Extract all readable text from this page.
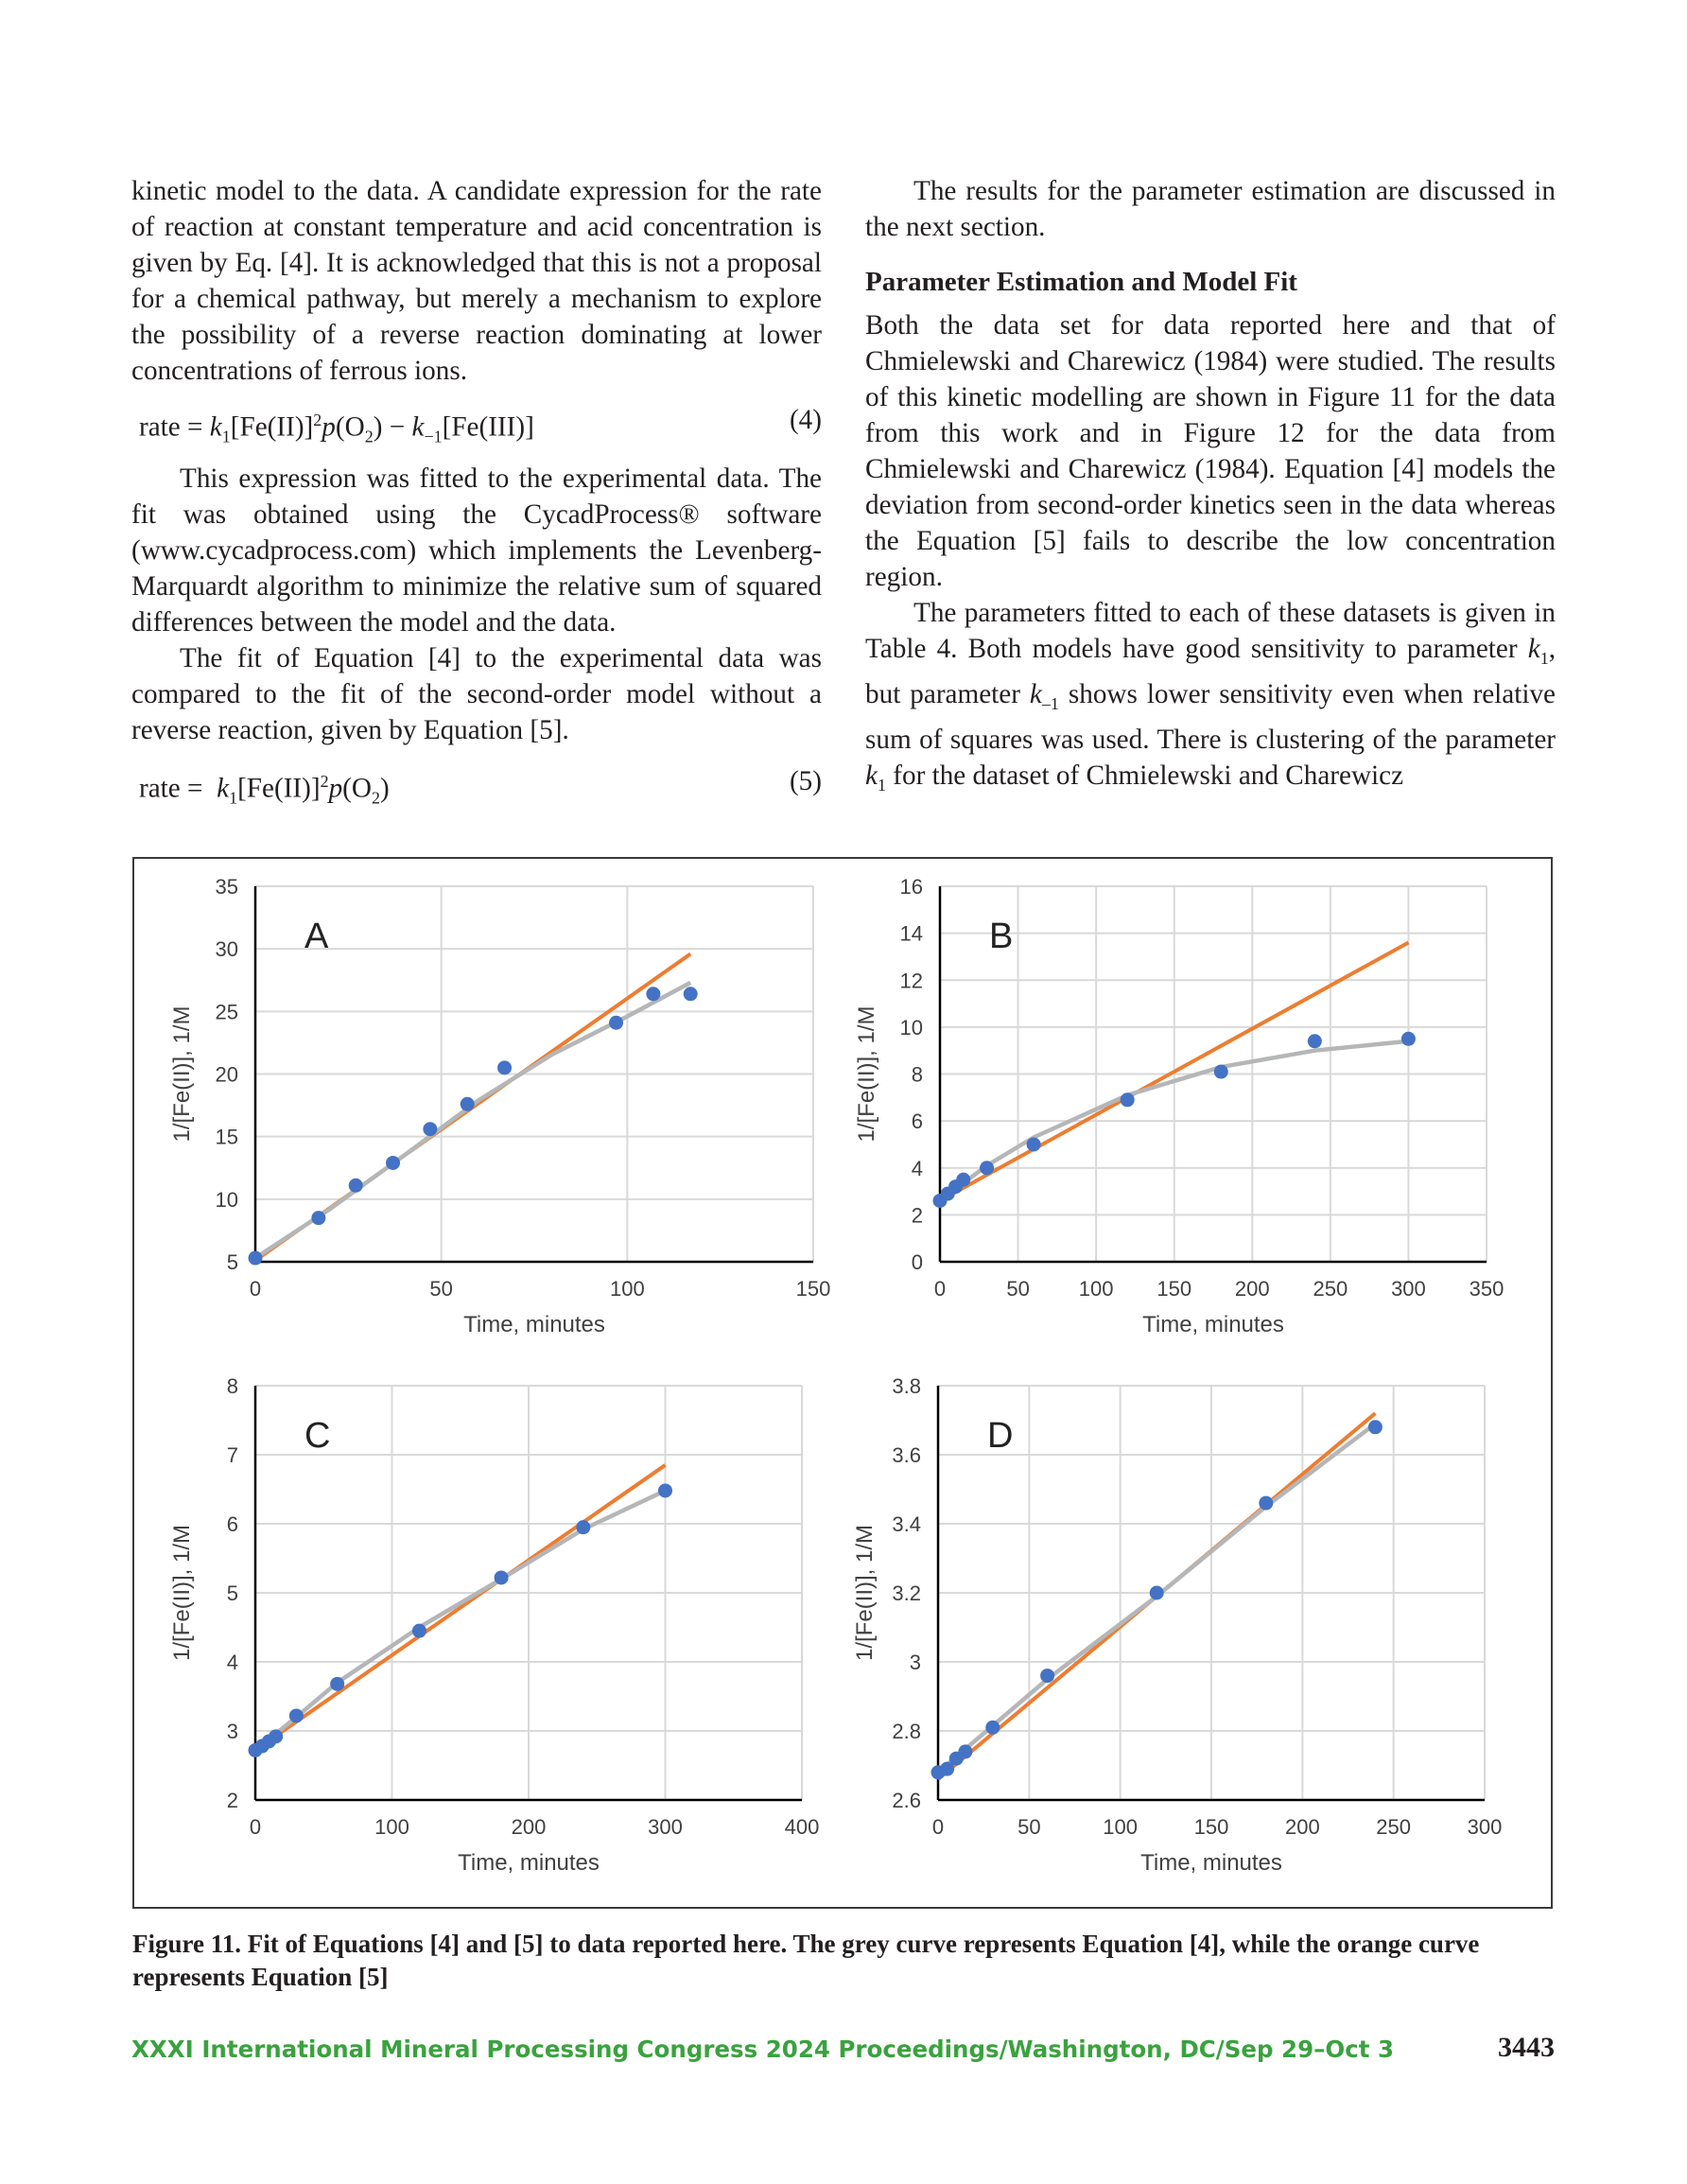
kinetic model to the data. A candidate expression for the rate of reaction at constant temperature and acid concentration is given by Eq. [4]. It is acknowledged that this is not a proposal for a chemical pathway, but merely a mechanism to explore the possibility of a reverse reaction dominating at lower concentrations of ferrous ions.

rate = $k_1[Fe(II)]^2p(O_2) - k_{-1}[Fe(III)]$	(4)

This expression was fitted to the experimental data. The fit was obtained using the CycadProcess® software (www.cycadprocess.com) which implements the Levenberg-Marquardt algorithm to minimize the relative sum of squared differences between the model and the data.

The fit of Equation [4] to the experimental data was compared to the fit of the second-order model without a reverse reaction, given by Equation [5].

rate =  $k_1[Fe(II)]^2p(O_2)$	(5)

The results for the parameter estimation are discussed in the next section.

Parameter Estimation and Model Fit

Both the data set for data reported here and that of Chmielewski and Charewicz (1984) were studied. The results of this kinetic modelling are shown in Figure 11 for the data from this work and in Figure 12 for the data from Chmielewski and Charewicz (1984). Equation [4] models the deviation from second-order kinetics seen in the data whereas the Equation [5] fails to describe the low concentration region.

The parameters fitted to each of these datasets is given in Table 4. Both models have good sensitivity to parameter $k_1$, but parameter $k_{-1}$ shows lower sensitivity even when relative sum of squares was used. There is clustering of the parameter $k_1$ for the dataset of Chmielewski and Charewicz

0	50	100	150
5
10
15
20
25
30
35
A
Time, minutes
1/[Fe(II)], 1/M
0	50 100 150 200 250 300 350
0
2
4
6
8
10
12
14
16
B
Time, minutes
1/[Fe(II)], 1/M
0	100	200	300	400
2
3
4
5
6
7
8
C
Time, minutes
1/[Fe(II)], 1/M
0	50	100	150	200	250	300
2.6
2.8
3
3.2
3.4
3.6
3.8
D
Time, minutes
1/[Fe(II)], 1/M
Figure 11. Fit of Equations [4] and [5] to data reported here. The grey curve represents Equation [4], while the orange curve represents Equation [5]
XXXI International Mineral Processing Congress 2024 Proceedings/Washington, DC/Sep 29–Oct 3	3443
